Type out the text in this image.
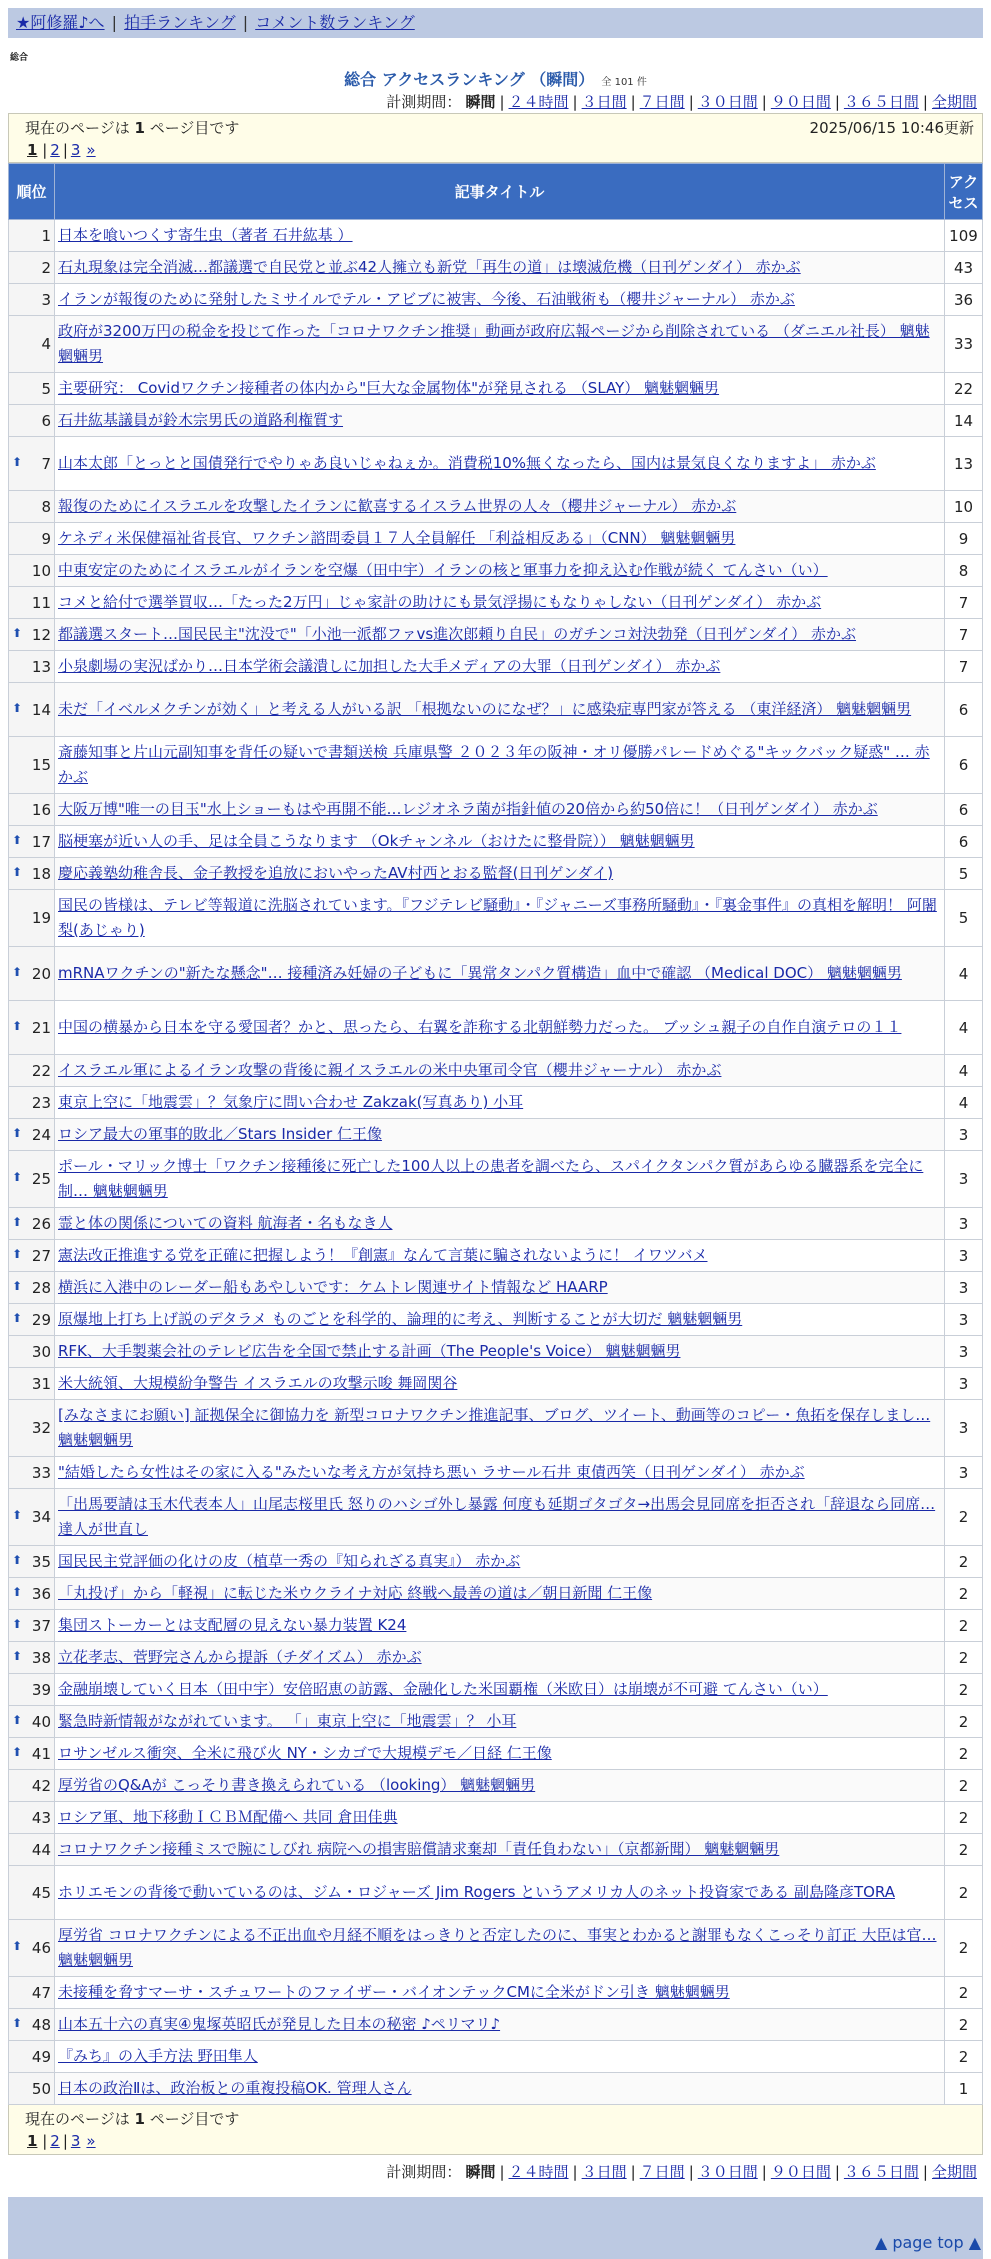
★阿修羅♪へ | 拍手ランキング | コメント数ランキング
総合
総合 アクセスランキング （瞬間） 全 101 件
計測期間： 瞬間 | ２４時間 | ３日間 | ７日間 | ３０日間 | ９０日間 | ３６５日間 | 全期間
現在のページは 1 ページ目です	2025/06/15 10:46更新
1 | 2 | 3 »
順位	記事タイトル	アクセス
1	日本を喰いつくす寄生虫（著者 石井紘基 ）	109
2	石丸現象は完全消滅…都議選で自民党と並ぶ42人擁立も新党「再生の道」は壊滅危機（日刊ゲンダイ） 赤かぶ	43
3	イランが報復のために発射したミサイルでテル・アビブに被害、今後、石油戦術も（櫻井ジャーナル） 赤かぶ	36
4	政府が3200万円の税金を投じて作った「コロナワクチン推奨」動画が政府広報ページから削除されている （ダニエル社長） 魑魅魍魎男	33
5	主要研究： Covidワクチン接種者の体内から"巨大な金属物体"が発見される （SLAY） 魑魅魍魎男	22
6	石井紘基議員が鈴木宗男氏の道路利権質す	14

⬆ 7	山本太郎「とっとと国債発行でやりゃあ良いじゃねぇか。消費税10%無くなったら、国内は景気良くなりますよ」 赤かぶ	13
8	報復のためにイスラエルを攻撃したイランに歓喜するイスラム世界の人々（櫻井ジャーナル） 赤かぶ	10
9	ケネディ米保健福祉省長官、ワクチン諮問委員１７人全員解任 「利益相反ある」（CNN） 魑魅魍魎男	9
10	中東安定のためにイスラエルがイランを空爆（田中宇）イランの核と軍事力を抑え込む作戦が続く てんさい（い）	8
11	コメと給付で選挙買収…「たった2万円」じゃ家計の助けにも景気浮揚にもなりゃしない（日刊ゲンダイ） 赤かぶ	7

⬆ 12	都議選スタート…国民民主"沈没で"「小池一派都ファvs進次郎頼り自民」のガチンコ対決勃発（日刊ゲンダイ） 赤かぶ	7
13	小泉劇場の実況ばかり…日本学術会議潰しに加担した大手メディアの大罪（日刊ゲンダイ） 赤かぶ	7

⬆ 14	未だ「イベルメクチンが効く」と考える人がいる訳 「根拠ないのになぜ？」に感染症専門家が答える （東洋経済） 魑魅魍魎男	6
15	斎藤知事と片山元副知事を背任の疑いで書類送検 兵庫県警 ２０２３年の阪神・オリ優勝パレードめぐる"キックバック疑惑" … 赤かぶ	6
16	大阪万博"唯一の目玉"水上ショーもはや再開不能…レジオネラ菌が指針値の20倍から約50倍に！（日刊ゲンダイ） 赤かぶ	6

⬆ 17	脳梗塞が近い人の手、足は全員こうなります （Okチャンネル（おけたに整骨院）） 魑魅魍魎男	6

⬆ 18	慶応義塾幼稚舎長、金子教授を追放においやったAV村西とおる監督(日刊ゲンダイ)	5
19	国民の皆様は、テレビ等報道に洗脳されています。『フジテレビ騒動』・『ジャニーズ事務所騒動』・『裏金事件』の真相を解明！ 阿闍梨(あじゃり)	5

⬆ 20	mRNAワクチンの"新たな懸念"… 接種済み妊婦の子どもに「異常タンパク質構造」血中で確認 （Medical DOC） 魑魅魍魎男	4

⬆ 21	中国の横暴から日本を守る愛国者？かと、思ったら、右翼を詐称する北朝鮮勢力だった。 ブッシュ親子の自作自演テロの１１	4
22	イスラエル軍によるイラン攻撃の背後に親イスラエルの米中央軍司令官（櫻井ジャーナル） 赤かぶ	4
23	東京上空に「地震雲」？気象庁に問い合わせ Zakzak(写真あり) 小耳	4

⬆ 24	ロシア最大の軍事的敗北／Stars Insider 仁王像	3

⬆ 25	ポール・マリック博士「ワクチン接種後に死亡した100人以上の患者を調べたら、スパイクタンパク質があらゆる臓器系を完全に制… 魑魅魍魎男	3

⬆ 26	霊と体の関係についての資料 航海者・名もなき人	3

⬆ 27	憲法改正推進する党を正確に把握しよう！『創憲』なんて言葉に騙されないように！ イワツバメ	3

⬆ 28	横浜に入港中のレーダー船もあやしいです：ケムトレ関連サイト情報など HAARP	3

⬆ 29	原爆地上打ち上げ説のデタラメ ものごとを科学的、論理的に考え、判断することが大切だ 魑魅魍魎男	3
30	RFK、大手製薬会社のテレビ広告を全国で禁止する計画（The People's Voice） 魑魅魍魎男	3
31	米大統領、大規模紛争警告 イスラエルの攻撃示唆 舞岡関谷	3
32	[みなさまにお願い] 証拠保全に御協力を 新型コロナワクチン推進記事、ブログ、ツイート、動画等のコピー・魚拓を保存しまし… 魑魅魍魎男	3
33	"結婚したら女性はその家に入る"みたいな考え方が気持ち悪い ラサール石井 東債西笑（日刊ゲンダイ） 赤かぶ	3

⬆ 34	「出馬要請は玉木代表本人」山尾志桜里氏 怒りのハシゴ外し暴露 何度も延期ゴタゴタ→出馬会見同席を拒否され「辞退なら同席… 達人が世直し	2

⬆ 35	国民民主党評価の化けの皮（植草一秀の『知られざる真実』） 赤かぶ	2

⬆ 36	「丸投げ」から「軽視」に転じた米ウクライナ対応 終戦へ最善の道は／朝日新聞 仁王像	2

⬆ 37	集団ストーカーとは支配層の見えない暴力装置 K24	2

⬆ 38	立花孝志、菅野完さんから提訴（チダイズム） 赤かぶ	2
39	金融崩壊していく日本（田中宇）安倍昭恵の訪露、金融化した米国覇権（米欧日）は崩壊が不可避 てんさい（い）	2

⬆ 40	緊急時新情報がながれています。 「」東京上空に「地震雲」？ 小耳	2

⬆ 41	ロサンゼルス衝突、全米に飛び火 NY・シカゴで大規模デモ／日経 仁王像	2
42	厚労省のQ&Aが こっそり書き換えられている （looking） 魑魅魍魎男	2
43	ロシア軍、地下移動ＩＣＢＭ配備へ 共同 倉田佳典	2
44	コロナワクチン接種ミスで腕にしびれ 病院への損害賠償請求棄却「責任負わない」（京都新聞） 魑魅魍魎男	2
45	ホリエモンの背後で動いているのは、ジム・ロジャーズ Jim Rogers というアメリカ人のネット投資家である 副島隆彦TORA	2

⬆ 46	厚労省 コロナワクチンによる不正出血や月経不順をはっきりと否定したのに、事実とわかると謝罪もなくこっそり訂正 大臣は官… 魑魅魍魎男	2
47	未接種を脅すマーサ・スチュワートのファイザー・バイオンテックCMに全米がドン引き 魑魅魍魎男	2

⬆ 48	山本五十六の真実④鬼塚英昭氏が発見した日本の秘密 ♪ペリマリ♪	2
49	『みち』の入手方法 野田隼人	2
50	日本の政治Ⅱは、政治板との重複投稿OK. 管理人さん	1
現在のページは 1 ページ目です
1 | 2 | 3 »
計測期間： 瞬間 | ２４時間 | ３日間 | ７日間 | ３０日間 | ９０日間 | ３６５日間 | 全期間
▲ page top ▲
